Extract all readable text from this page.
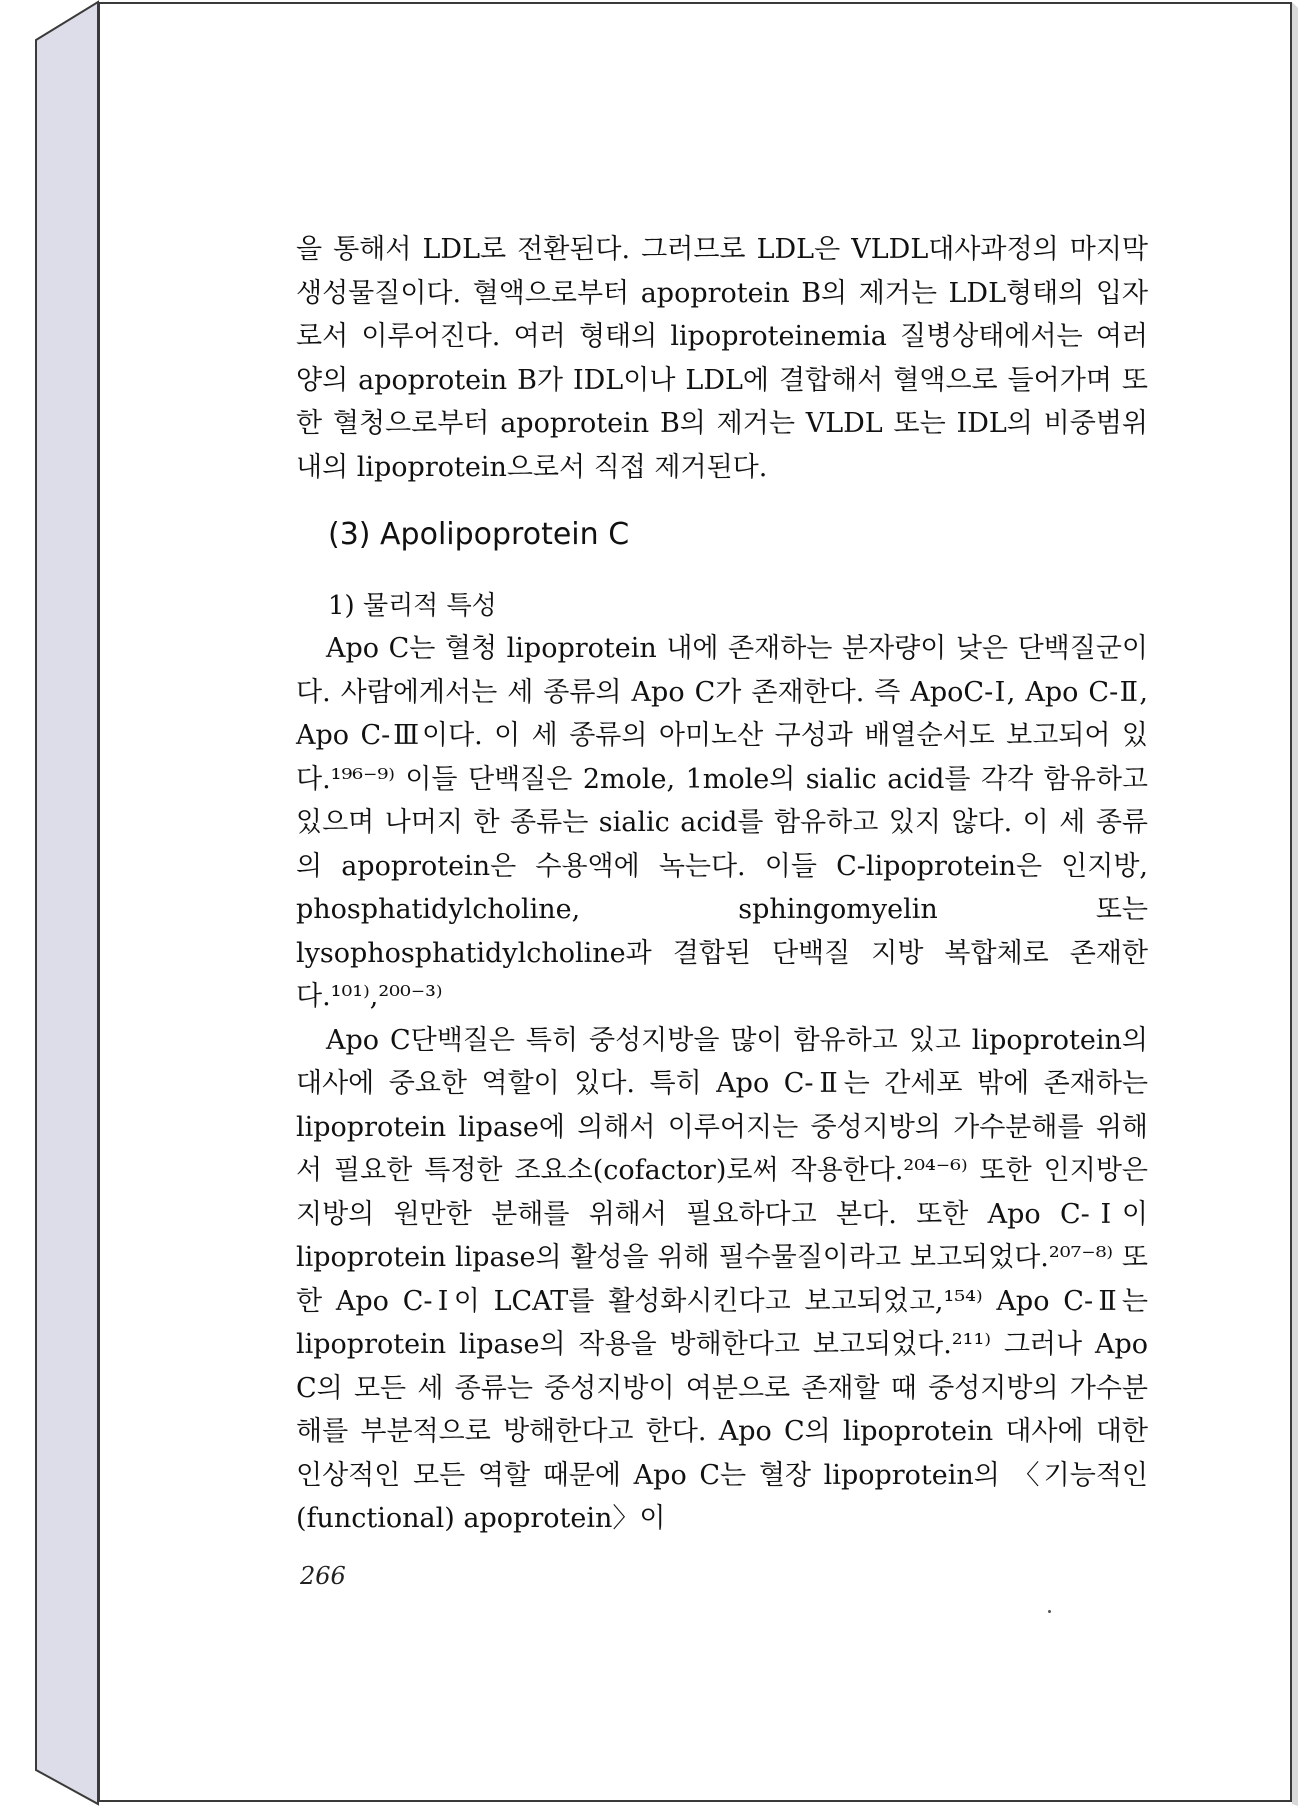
을 통해서 LDL로 전환된다. 그러므로 LDL은 VLDL대사과정의 마지막 생성물질이다. 혈액으로부터 apoprotein B의 제거는 LDL형태의 입자로서 이루어진다. 여러 형태의 lipoproteinemia 질병상태에서는 여러 양의 apoprotein B가 IDL이나 LDL에 결합해서 혈액으로 들어가며 또한 혈청으로부터 apoprotein B의 제거는 VLDL 또는 IDL의 비중범위내의 lipoprotein으로서 직접 제거된다.

(3) Apolipoprotein C
1) 물리적 특성

Apo C는 혈청 lipoprotein 내에 존재하는 분자량이 낮은 단백질군이다. 사람에게서는 세 종류의 Apo C가 존재한다. 즉 ApoC-Ⅰ, Apo C-Ⅱ, Apo C-Ⅲ이다. 이 세 종류의 아미노산 구성과 배열순서도 보고되어 있다.¹⁹⁶⁻⁹⁾ 이들 단백질은 2mole, 1mole의 sialic acid를 각각 함유하고 있으며 나머지 한 종류는 sialic acid를 함유하고 있지 않다. 이 세 종류의 apoprotein은 수용액에 녹는다. 이들 C-lipoprotein은 인지방, phosphatidylcholine, sphingomyelin 또는 lysophosphatidylcholine과 결합된 단백질 지방 복합체로 존재한다.¹⁰¹⁾,²⁰⁰⁻³⁾

Apo C단백질은 특히 중성지방을 많이 함유하고 있고 lipoprotein의 대사에 중요한 역할이 있다. 특히 Apo C-Ⅱ는 간세포 밖에 존재하는 lipoprotein lipase에 의해서 이루어지는 중성지방의 가수분해를 위해서 필요한 특정한 조요소(cofactor)로써 작용한다.²⁰⁴⁻⁶⁾ 또한 인지방은 지방의 원만한 분해를 위해서 필요하다고 본다. 또한 Apo C-Ⅰ이 lipoprotein lipase의 활성을 위해 필수물질이라고 보고되었다.²⁰⁷⁻⁸⁾ 또한 Apo C-Ⅰ이 LCAT를 활성화시킨다고 보고되었고,¹⁵⁴⁾ Apo C-Ⅱ는 lipoprotein lipase의 작용을 방해한다고 보고되었다.²¹¹⁾ 그러나 Apo C의 모든 세 종류는 중성지방이 여분으로 존재할 때 중성지방의 가수분해를 부분적으로 방해한다고 한다. Apo C의 lipoprotein 대사에 대한 인상적인 모든 역할 때문에 Apo C는 혈장 lipoprotein의 〈기능적인(functional) apoprotein〉이

266
